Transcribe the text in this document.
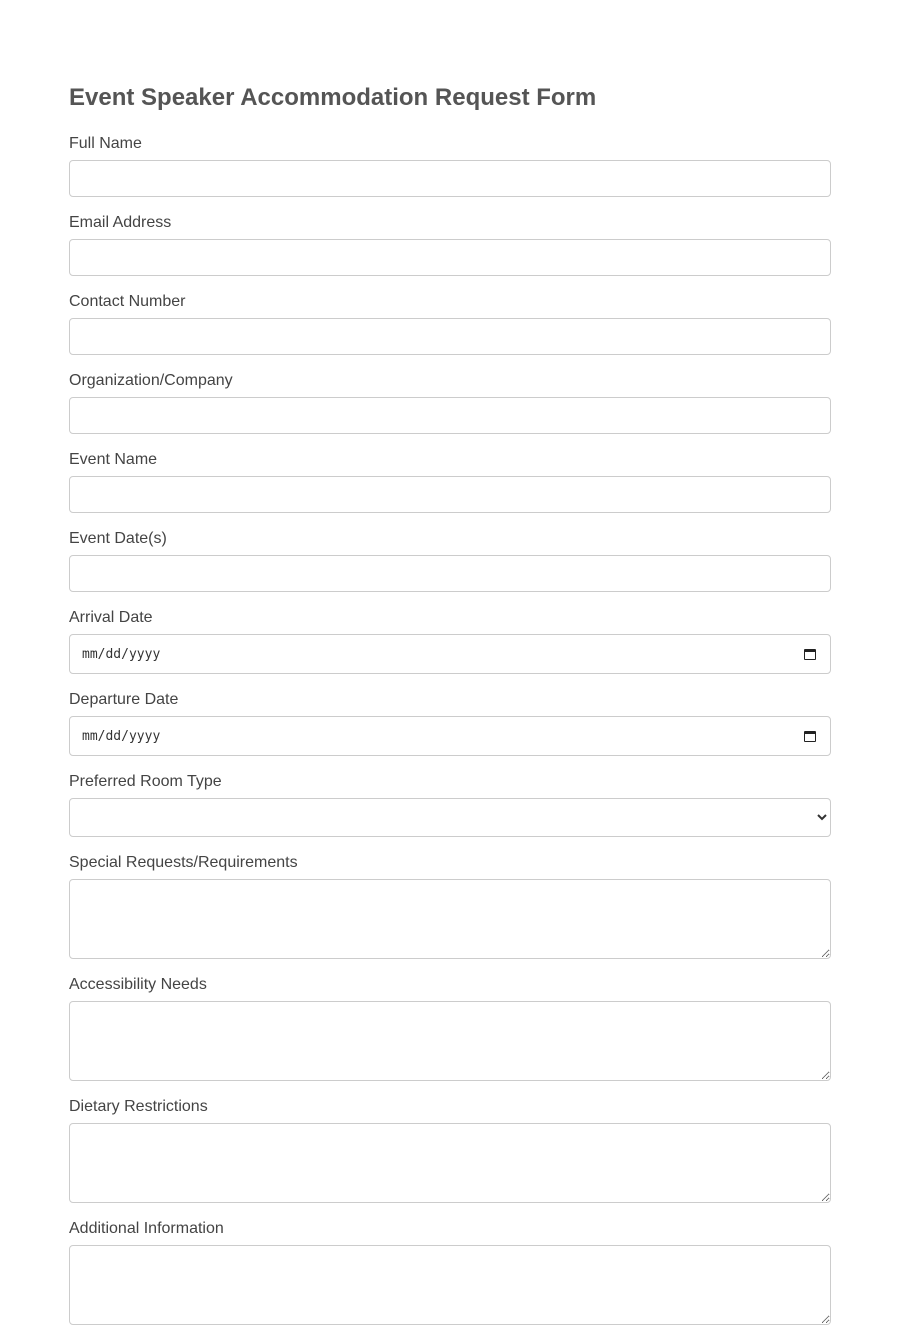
Event Speaker Accommodation Request Form
Full Name
Email Address
Contact Number
Organization/Company
Event Name
Event Date(s)
Arrival Date
mm/dd/yyyy
Departure Date
mm/dd/yyyy
Preferred Room Type
Special Requests/Requirements
Accessibility Needs
Dietary Restrictions
Additional Information
